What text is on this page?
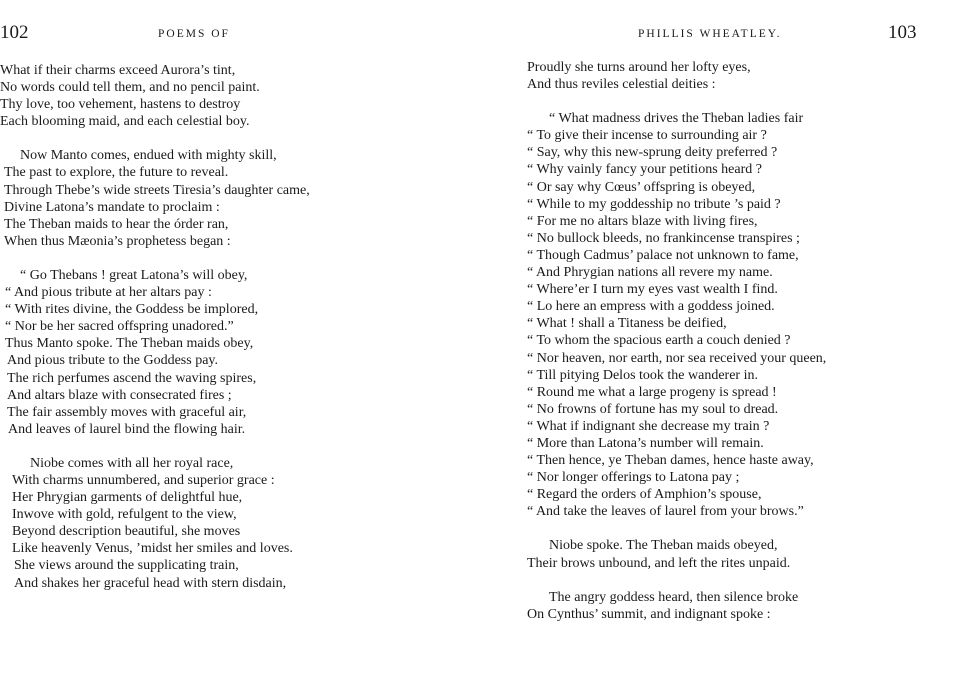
102	POEMS OF
What if their charms exceed Aurora’s tint,
No words could tell them, and no pencil paint.
Thy love, too vehement, hastens to destroy
Each blooming maid, and each celestial boy.
Now Manto comes, endued with mighty skill,
The past to explore, the future to reveal.
Through Thebe’s wide streets Tiresia’s daughter came,
Divine Latona’s mandate to proclaim :
The Theban maids to hear the órder ran,
When thus Mæonia’s prophetess began :
“ Go Thebans ! great Latona’s will obey,
“ And pious tribute at her altars pay :
“ With rites divine, the Goddess be implored,
“ Nor be her sacred offspring unadored.”
Thus Manto spoke. The Theban maids obey,
And pious tribute to the Goddess pay.
The rich perfumes ascend the waving spires,
And altars blaze with consecrated fires ;
The fair assembly moves with graceful air,
And leaves of laurel bind the flowing hair.
Niobe comes with all her royal race,
With charms unnumbered, and superior grace :
Her Phrygian garments of delightful hue,
Inwove with gold, refulgent to the view,
Beyond description beautiful, she moves
Like heavenly Venus, ’midst her smiles and loves.
She views around the supplicating train,
And shakes her graceful head with stern disdain,
PHILLIS WHEATLEY.	103
Proudly she turns around her lofty eyes,
And thus reviles celestial deities :
“ What madness drives the Theban ladies fair
“ To give their incense to surrounding air ?
“ Say, why this new-sprung deity preferred ?
“ Why vainly fancy your petitions heard ?
“ Or say why Cœus’ offspring is obeyed,
“ While to my goddesship no tribute ’s paid ?
“ For me no altars blaze with living fires,
“ No bullock bleeds, no frankincense transpires ;
“ Though Cadmus’ palace not unknown to fame,
“ And Phrygian nations all revere my name.
“ Where’er I turn my eyes vast wealth I find.
“ Lo here an empress with a goddess joined.
“ What ! shall a Titaness be deified,
“ To whom the spacious earth a couch denied ?
“ Nor heaven, nor earth, nor sea received your queen,
“ Till pitying Delos took the wanderer in.
“ Round me what a large progeny is spread !
“ No frowns of fortune has my soul to dread.
“ What if indignant she decrease my train ?
“ More than Latona’s number will remain.
“ Then hence, ye Theban dames, hence haste away,
“ Nor longer offerings to Latona pay ;
“ Regard the orders of Amphion’s spouse,
“ And take the leaves of laurel from your brows.”
Niobe spoke. The Theban maids obeyed,
Their brows unbound, and left the rites unpaid.
The angry goddess heard, then silence broke
On Cynthus’ summit, and indignant spoke :
